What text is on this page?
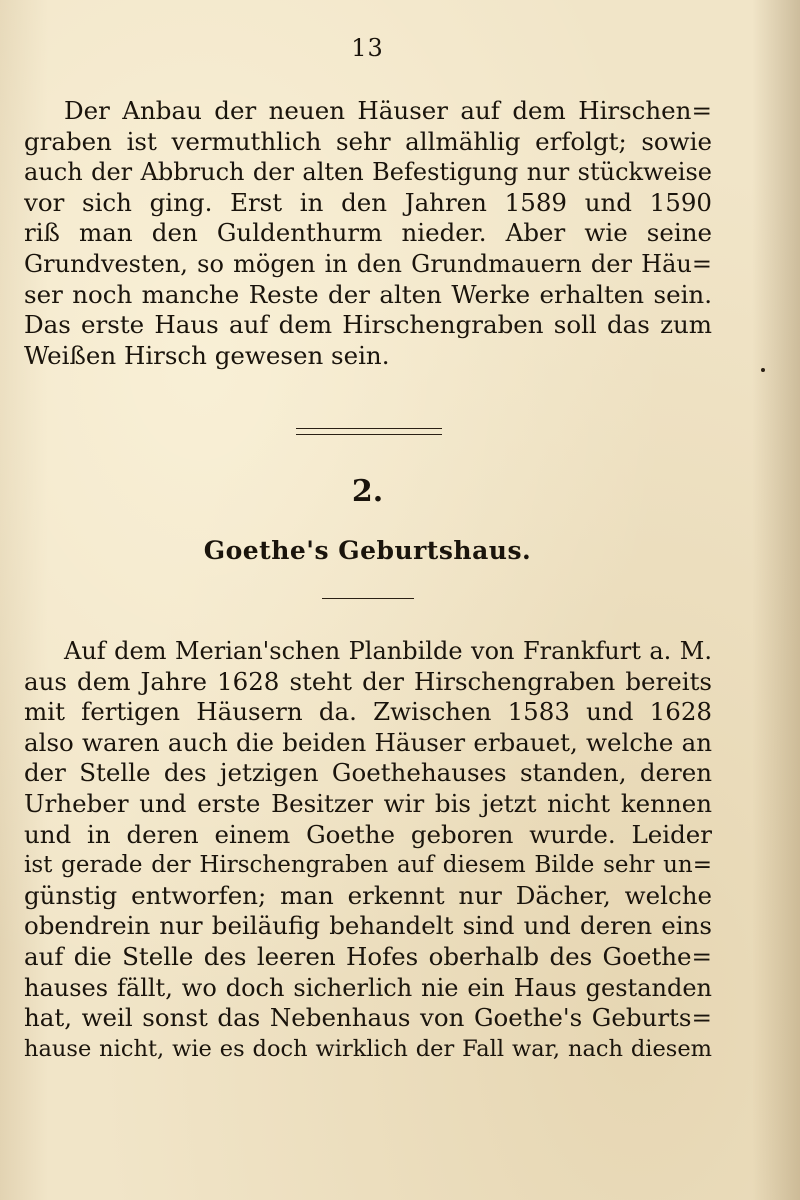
13
Der Anbau der neuen Häuser auf dem Hirschen=
graben ist vermuthlich sehr allmählig erfolgt; sowie
auch der Abbruch der alten Befestigung nur stückweise
vor sich ging. Erst in den Jahren 1589 und 1590
riß man den Guldenthurm nieder. Aber wie seine
Grundvesten, so mögen in den Grundmauern der Häu=
ser noch manche Reste der alten Werke erhalten sein.
Das erste Haus auf dem Hirschengraben soll das zum
Weißen Hirsch gewesen sein.
2.
Goethe's Geburtshaus.
Auf dem Merian'schen Planbilde von Frankfurt a. M.
aus dem Jahre 1628 steht der Hirschengraben bereits
mit fertigen Häusern da. Zwischen 1583 und 1628
also waren auch die beiden Häuser erbauet, welche an
der Stelle des jetzigen Goethehauses standen, deren
Urheber und erste Besitzer wir bis jetzt nicht kennen
und in deren einem Goethe geboren wurde. Leider
ist gerade der Hirschengraben auf diesem Bilde sehr un=
günstig entworfen; man erkennt nur Dächer, welche
obendrein nur beiläufig behandelt sind und deren eins
auf die Stelle des leeren Hofes oberhalb des Goethe=
hauses fällt, wo doch sicherlich nie ein Haus gestanden
hat, weil sonst das Nebenhaus von Goethe's Geburts=
hause nicht, wie es doch wirklich der Fall war, nach diesem
